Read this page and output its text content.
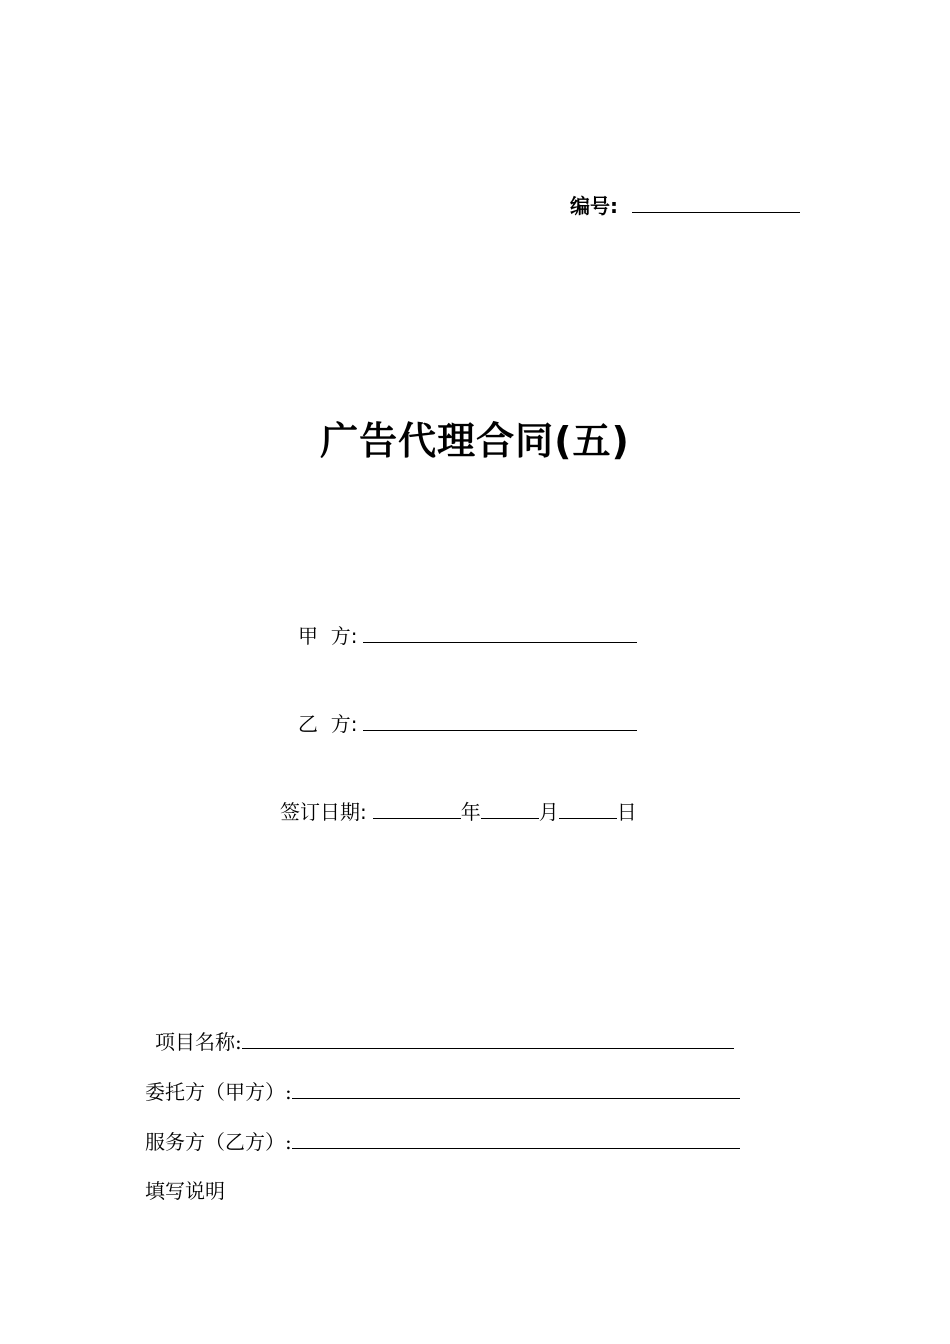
编号:
广告代理合同(五)
甲  方:
乙  方:
签订日期:	年	月	日
项目名称:
委托方（甲方）:
服务方（乙方）:
填写说明
